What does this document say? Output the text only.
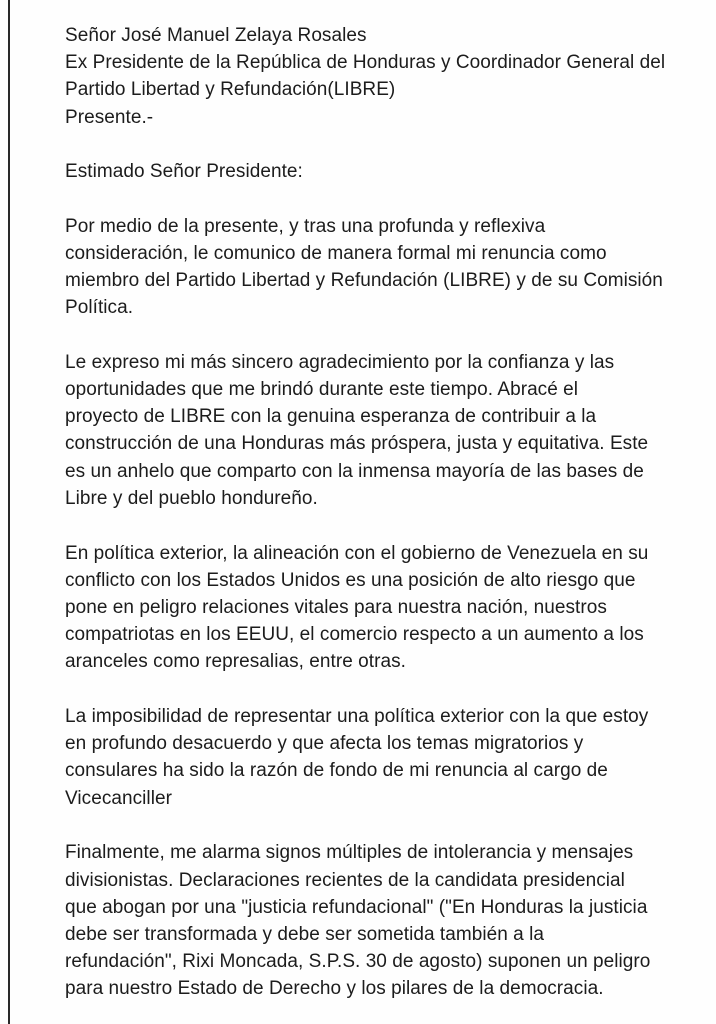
Señor José Manuel Zelaya Rosales

Ex Presidente de la República de Honduras y Coordinador General del
Partido Libertad y Refundación(LIBRE)

Presente.-

Estimado Señor Presidente:

Por medio de la presente, y tras una profunda y reflexiva
consideración, le comunico de manera formal mi renuncia como
miembro del Partido Libertad y Refundación (LIBRE) y de su Comisión
Política.

Le expreso mi más sincero agradecimiento por la confianza y las
oportunidades que me brindó durante este tiempo. Abracé el
proyecto de LIBRE con la genuina esperanza de contribuir a la
construcción de una Honduras más próspera, justa y equitativa. Este
es un anhelo que comparto con la inmensa mayoría de las bases de
Libre y del pueblo hondureño.

En política exterior, la alineación con el gobierno de Venezuela en su
conflicto con los Estados Unidos es una posición de alto riesgo que
pone en peligro relaciones vitales para nuestra nación, nuestros
compatriotas en los EEUU, el comercio respecto a un aumento a los
aranceles como represalias, entre otras.

La imposibilidad de representar una política exterior con la que estoy
en profundo desacuerdo y que afecta los temas migratorios y
consulares ha sido la razón de fondo de mi renuncia al cargo de
Vicecanciller

Finalmente, me alarma signos múltiples de intolerancia y mensajes
divisionistas. Declaraciones recientes de la candidata presidencial
que abogan por una "justicia refundacional" ("En Honduras la justicia
debe ser transformada y debe ser sometida también a la
refundación", Rixi Moncada, S.P.S. 30 de agosto) suponen un peligro
para nuestro Estado de Derecho y los pilares de la democracia.
